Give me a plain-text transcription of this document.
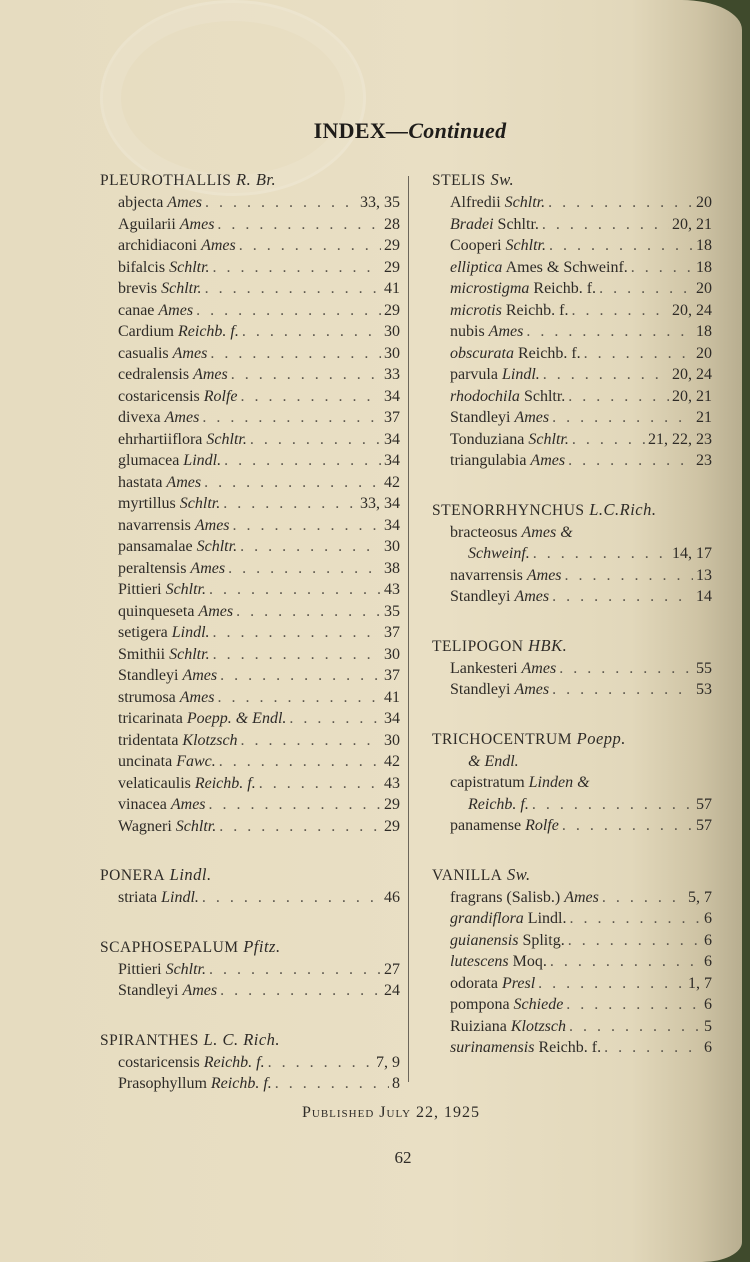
INDEX—Continued
PLEUROTHALLIS R. Br.
abjecta Ames . . .	33, 35
Aguilarii Ames . . .	28
archidiaconi Ames . . .	29
bifalcis Schltr. . . .	29
brevis Schltr. . . .	41
canae Ames . . .	29
Cardium Reichb. f. . . .	30
casualis Ames . . .	30
cedralensis Ames . . .	33
costaricensis Rolfe . . .	34
divexa Ames . . .	37
ehrhartiiflora Schltr. . . .	34
glumacea Lindl. . . .	34
hastata Ames . . .	42
myrtillus Schltr. . . .	33, 34
navarrensis Ames . . .	34
pansamalae Schltr. . . .	30
peraltensis Ames . . .	38
Pittieri Schltr. . . .	43
quinqueseta Ames . . .	35
setigera Lindl. . . .	37
Smithii Schltr. . . .	30
Standleyi Ames . . .	37
strumosa Ames . . .	41
tricarinata Poepp. & Endl. . . .	34
tridentata Klotzsch . . .	30
uncinata Fawc. . . .	42
velaticaulis Reichb. f. . . .	43
vinacea Ames . . .	29
Wagneri Schltr. . . .	29
PONERA Lindl.
striata Lindl. . . .	46
SCAPHOSEPALUM Pfitz.
Pittieri Schltr. . . .	27
Standleyi Ames . . .	24
SPIRANTHES L. C. Rich.
costaricensis Reichb. f. . . .	7, 9
Prasophyllum Reichb. f. . . .	8
STELIS Sw.
Alfredii Schltr. . . .	20
Bradei Schltr. . . .	20, 21
Cooperi Schltr. . . .	18
elliptica Ames & Schweinf. . . .	18
microstigma Reichb. f. . . .	20
microtis Reichb. f. . . .	20, 24
nubis Ames . . .	18
obscurata Reichb. f. . . .	20
parvula Lindl. . . .	20, 24
rhodochila Schltr. . . .	20, 21
Standleyi Ames . . .	21
Tonduziana Schltr. . . .	21, 22, 23
triangulabia Ames . . .	23
STENORRHYNCHUS L.C.Rich.
bracteosus Ames &
Schweinf. . . .	14, 17
navarrensis Ames . . .	13
Standleyi Ames . . .	14
TELIPOGON HBK.
Lankesteri Ames . . .	55
Standleyi Ames . . .	53
TRICHOCENTRUM Poepp.
& Endl.
capistratum Linden &
Reichb. f. . . .	57
panamense Rolfe . . .	57
VANILLA Sw.
fragrans (Salisb.) Ames . . .	5, 7
grandiflora Lindl. . . .	6
guianensis Splitg. . . .	6
lutescens Moq. . . .	6
odorata Presl . . .	1, 7
pompona Schiede . . .	6
Ruiziana Klotzsch . . .	5
surinamensis Reichb. f. . . .	6
Published July 22, 1925
62
